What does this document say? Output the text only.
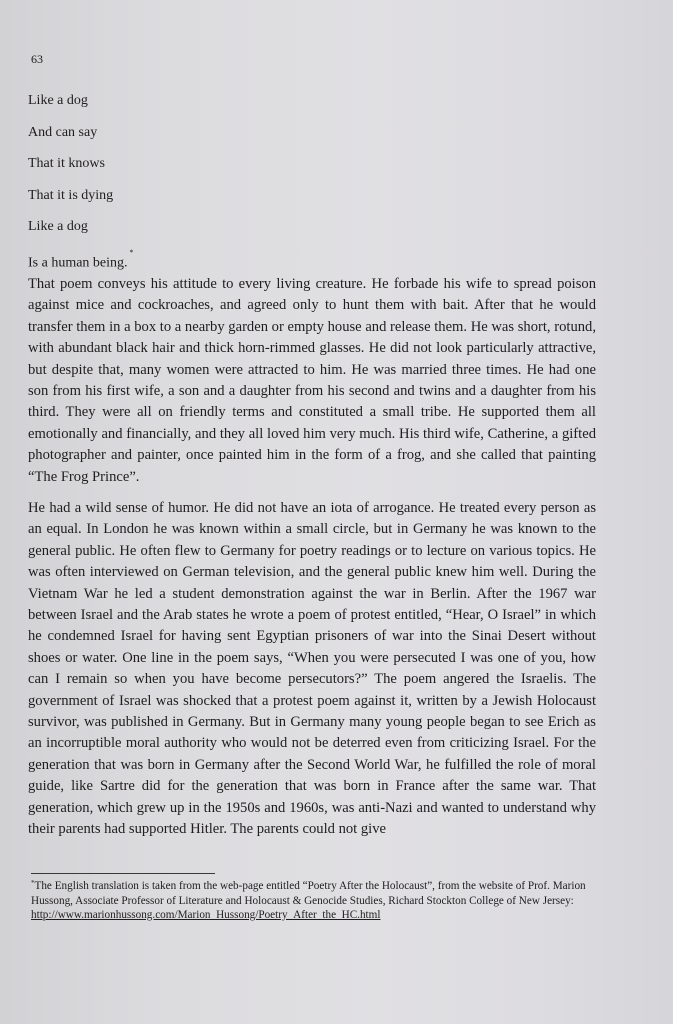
63
Like a dog
And can say
That it knows
That it is dying
Like a dog
Is a human being.*

That poem conveys his attitude to every living creature. He forbade his wife to spread poison against mice and cockroaches, and agreed only to hunt them with bait. After that he would transfer them in a box to a nearby garden or empty house and release them. He was short, rotund, with abundant black hair and thick horn-rimmed glasses. He did not look particularly attractive, but despite that, many women were attracted to him. He was married three times. He had one son from his first wife, a son and a daughter from his second and twins and a daughter from his third. They were all on friendly terms and constituted a small tribe. He supported them all emotionally and financially, and they all loved him very much. His third wife, Catherine, a gifted photographer and painter, once painted him in the form of a frog, and she called that painting “The Frog Prince”.

He had a wild sense of humor. He did not have an iota of arrogance. He treated every person as an equal. In London he was known within a small circle, but in Germany he was known to the general public. He often flew to Germany for poetry readings or to lecture on various topics. He was often interviewed on German television, and the general public knew him well. During the Vietnam War he led a student demonstration against the war in Berlin. After the 1967 war between Israel and the Arab states he wrote a poem of protest entitled, “Hear, O Israel” in which he condemned Israel for having sent Egyptian prisoners of war into the Sinai Desert without shoes or water. One line in the poem says, “When you were persecuted I was one of you, how can I remain so when you have become persecutors?” The poem angered the Israelis. The government of Israel was shocked that a protest poem against it, written by a Jewish Holocaust survivor, was published in Germany. But in Germany many young people began to see Erich as an incorruptible moral authority who would not be deterred even from criticizing Israel. For the generation that was born in Germany after the Second World War, he fulfilled the role of moral guide, like Sartre did for the generation that was born in France after the same war. That generation, which grew up in the 1950s and 1960s, was anti-Nazi and wanted to understand why their parents had supported Hitler. The parents could not give

*The English translation is taken from the web-page entitled “Poetry After the Holocaust”, from the website of Prof. Marion Hussong, Associate Professor of Literature and Holocaust & Genocide Studies, Richard Stockton College of New Jersey:
http://www.marionhussong.com/Marion_Hussong/Poetry_After_the_HC.html
